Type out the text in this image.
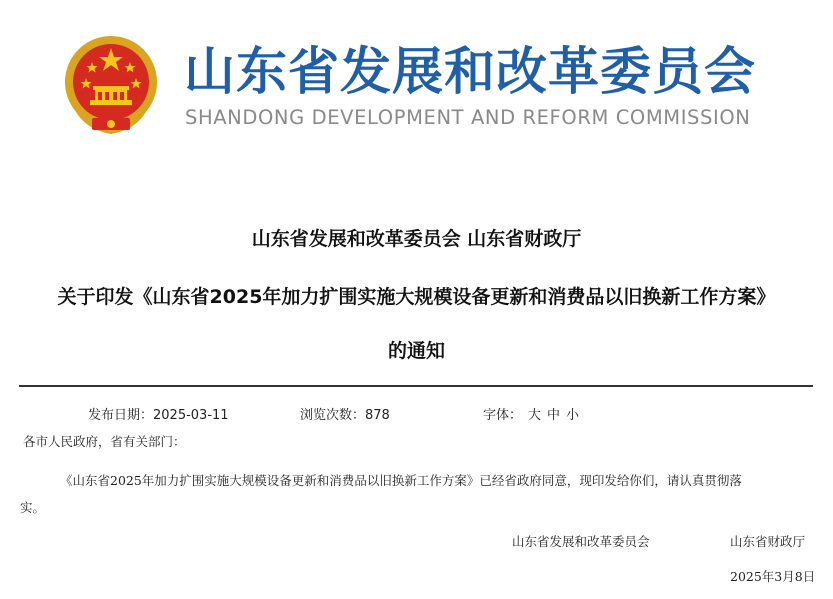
山东省发展和改革委员会
SHANDONG DEVELOPMENT AND REFORM COMMISSION
山东省发展和改革委员会 山东省财政厅
关于印发《山东省2025年加力扩围实施大规模设备更新和消费品以旧换新工作方案》
的通知
发布日期：2025-03-11	浏览次数：878	字体： 大 中 小
各市人民政府，省有关部门：
《山东省2025年加力扩围实施大规模设备更新和消费品以旧换新工作方案》已经省政府同意，现印发给你们，请认真贯彻落
实。
山东省发展和改革委员会	山东省财政厅
2025年3月8日
